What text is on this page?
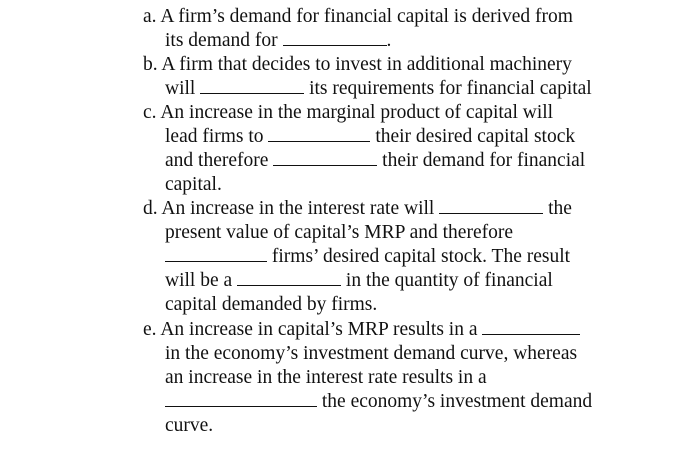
a. A firm’s demand for financial capital is derived from
its demand for	.
b. A firm that decides to invest in additional machinery
will	its requirements for financial capital
c. An increase in the marginal product of capital will
lead firms to	their desired capital stock
and therefore	their demand for financial
capital.
d. An increase in the interest rate will	the
present value of capital’s MRP and therefore
firms’ desired capital stock. The result
will be a	in the quantity of financial
capital demanded by firms.
e. An increase in capital’s MRP results in a
in the economy’s investment demand curve, whereas
an increase in the interest rate results in a
the economy’s investment demand
curve.
